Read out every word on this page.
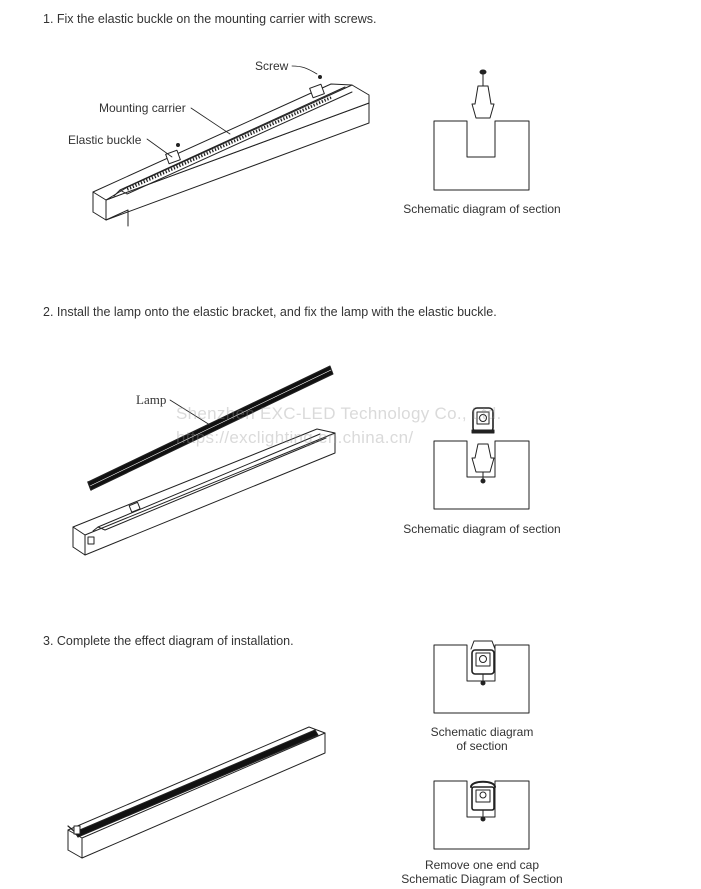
1. Fix the elastic buckle on the mounting carrier with screws.
2. Install the lamp onto the elastic bracket, and fix the lamp with the elastic buckle.
3. Complete the effect diagram of installation.
Screw
Mounting carrier
Elastic buckle
Lamp
Schematic diagram of section
Schematic diagram of section
Schematic diagram
of section
Remove one end cap
Schematic Diagram of Section
Shenzhen EXC-LED Technology Co., Ltd.
https://exclighting.en.china.cn/
